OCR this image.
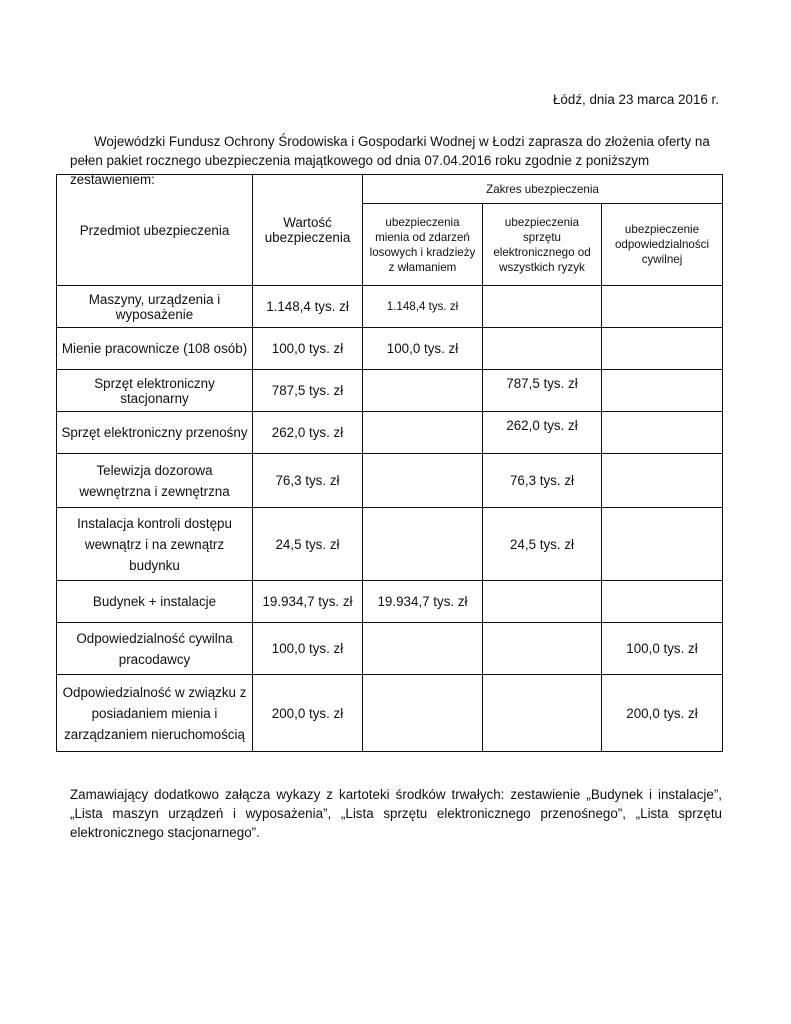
Łódź, dnia 23 marca 2016 r.
Wojewódzki Fundusz Ochrony Środowiska i Gospodarki Wodnej w Łodzi zaprasza do złożenia oferty na pełen pakiet rocznego ubezpieczenia majątkowego od dnia 07.04.2016 roku zgodnie z poniższym zestawieniem:
Przedmiot ubezpieczenia	Wartość ubezpieczenia	Zakres ubezpieczenia		
		ubezpieczenia mienia od zdarzeń losowych i kradzieży z włamaniem	ubezpieczenia sprzętu elektronicznego od wszystkich ryzyk	ubezpieczenie odpowiedzialności cywilnej
Maszyny, urządzenia i wyposażenie	1.148,4 tys. zł	1.148,4 tys. zł		
Mienie pracownicze (108 osób)	100,0 tys. zł	100,0 tys. zł		
Sprzęt elektroniczny stacjonarny	787,5 tys. zł		787,5 tys. zł	
Sprzęt elektroniczny przenośny	262,0 tys. zł		262,0 tys. zł	
Telewizja dozorowa wewnętrzna i zewnętrzna	76,3 tys. zł		76,3 tys. zł	
Instalacja kontroli dostępu wewnątrz i na zewnątrz budynku	24,5 tys. zł		24,5 tys. zł	
Budynek + instalacje	19.934,7 tys. zł	19.934,7 tys. zł		
Odpowiedzialność cywilna pracodawcy	100,0 tys. zł			100,0 tys. zł
Odpowiedzialność w związku z posiadaniem mienia i zarządzaniem nieruchomością	200,0 tys. zł			200,0 tys. zł
Zamawiający dodatkowo załącza wykazy z kartoteki środków trwałych: zestawienie „Budynek i instalacje”, „Lista maszyn urządzeń i wyposażenia”, „Lista sprzętu elektronicznego przenośnego”, „Lista sprzętu elektronicznego stacjonarnego”.
